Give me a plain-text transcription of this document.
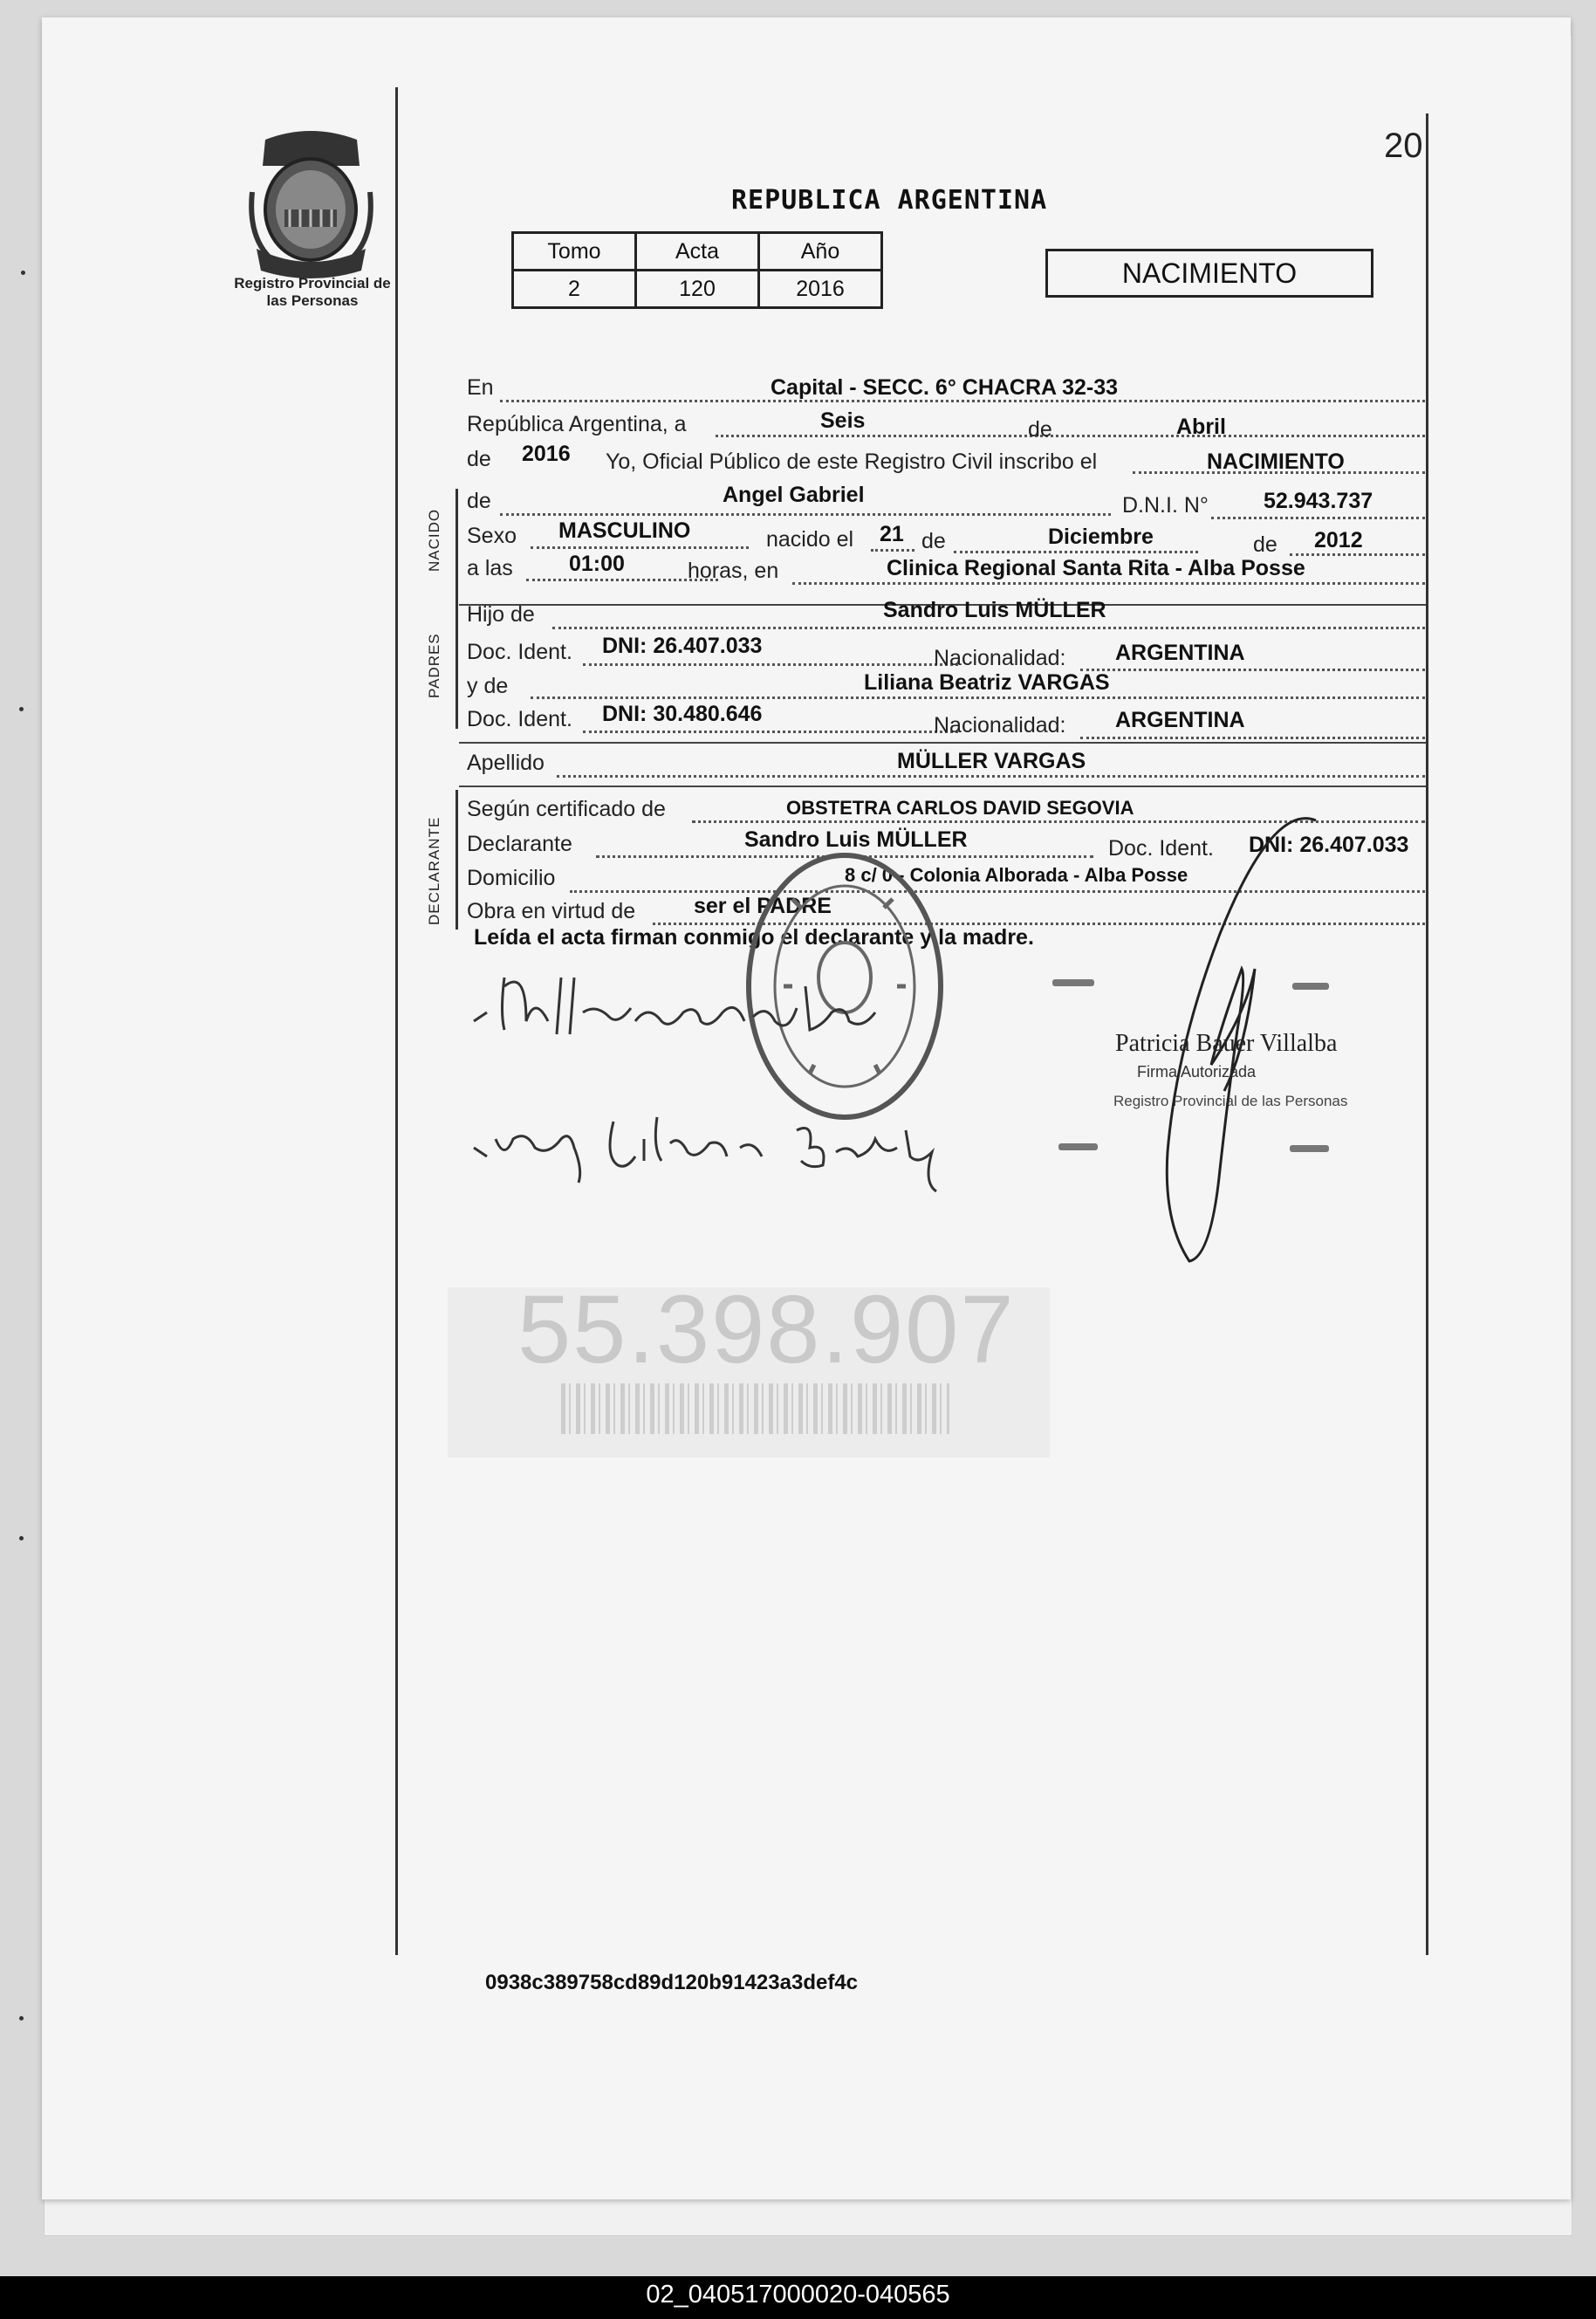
20
Registro Provincial de las Personas
REPUBLICA ARGENTINA
Tomo	Acta	Año
2	120	2016	NACIMIENTO
NACIDO
PADRES
DECLARANTE
En	Capital - SECC. 6° CHACRA 32-33
República Argentina, a	Seis	de	Abril
de 2016 Yo, Oficial Público de este Registro Civil inscribo el	NACIMIENTO
de	Angel Gabriel	D.N.I. N°	52.943.737
Sexo MASCULINO	nacido el 21 de	Diciembre	de 2012
a las	01:00	horas, en	Clinica Regional Santa Rita - Alba Posse
Hijo de	Sandro Luis MÜLLER
Doc. Ident. DNI: 26.407.033	Nacionalidad: ARGENTINA
y de	Liliana Beatriz VARGAS
Doc. Ident. DNI: 30.480.646	Nacionalidad: ARGENTINA
Apellido	MÜLLER VARGAS
Según certificado de	OBSTETRA CARLOS DAVID SEGOVIA
Declarante	Sandro Luis MÜLLER	Doc. Ident. DNI: 26.407.033
Domicilio	8 c/ 0 - Colonia Alborada - Alba Posse
Obra en virtud de	ser el PADRE
Leída el acta firman conmigo el declarante y la madre.
Patricia Bauer Villalba
Firma Autorizada
Registro Provincial de las Personas
55.398.907
0938c389758cd89d120b91423a3def4c
02_040517000020-040565
